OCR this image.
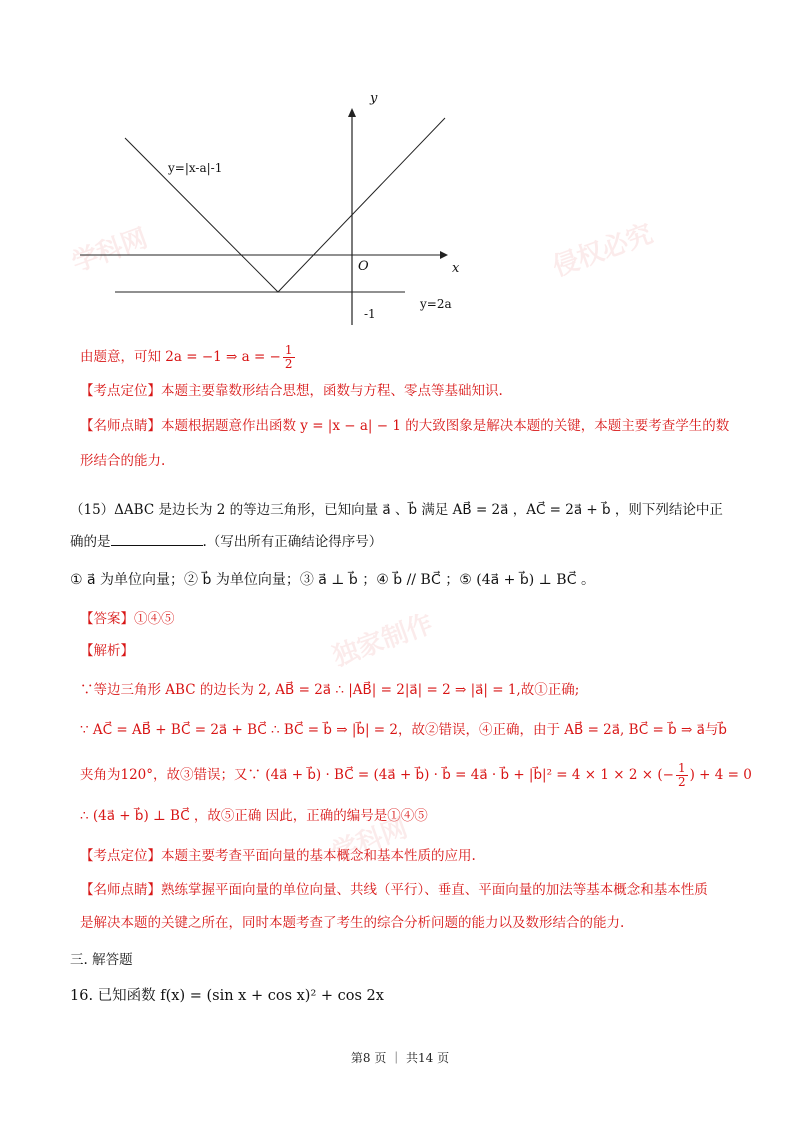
学科网	侵权必究
独家制作
学科网
y
x
O
y=|x-a|-1
y=2a
-1
由题意，可知 2a = −1 ⇒ a = − $\frac{1}{2}$
【考点定位】本题主要靠数形结合思想，函数与方程、零点等基础知识.
【名师点睛】本题根据题意作出函数 y = |x − a| − 1 的大致图象是解决本题的关键，本题主要考查学生的数
形结合的能力.
（15）ΔABC 是边长为 2 的等边三角形，已知向量 a⃗ 、b⃗ 满足 AB⃗ = 2a⃗ ，AC⃗ = 2a⃗ + b⃗ ，则下列结论中正
确的是	.（写出所有正确结论得序号）
① a⃗ 为单位向量；② b⃗ 为单位向量；③ a⃗ ⊥ b⃗ ；④ b⃗ // BC⃗ ；⑤ (4a⃗ + b⃗) ⊥ BC⃗ 。
【答案】①④⑤
【解析】
∵等边三角形 ABC 的边长为 2, AB⃗ = 2a⃗ ∴ |AB⃗| = 2|a⃗| = 2 ⇒ |a⃗| = 1,故①正确;
∵ AC⃗ = AB⃗ + BC⃗ = 2a⃗ + BC⃗ ∴ BC⃗ = b⃗ ⇒ |b⃗| = 2，故②错误，④正确，由于 AB⃗ = 2a⃗, BC⃗ = b⃗ ⇒ a⃗与b⃗
夹角为120°，故③错误；又∵ (4a⃗ + b⃗) · BC⃗ = (4a⃗ + b⃗) · b⃗ = 4a⃗ · b⃗ + |b⃗|² = 4 × 1 × 2 × (− $\frac{1}{2}$ ) + 4 = 0
∴ (4a⃗ + b⃗) ⊥ BC⃗ ，故⑤正确 因此，正确的编号是①④⑤
【考点定位】本题主要考查平面向量的基本概念和基本性质的应用.
【名师点睛】熟练掌握平面向量的单位向量、共线（平行）、垂直、平面向量的加法等基本概念和基本性质
是解决本题的关键之所在，同时本题考查了考生的综合分析问题的能力以及数形结合的能力.
三. 解答题
16. 已知函数 f(x) = (sin x + cos x)² + cos 2x
第8 页 ｜ 共14 页
